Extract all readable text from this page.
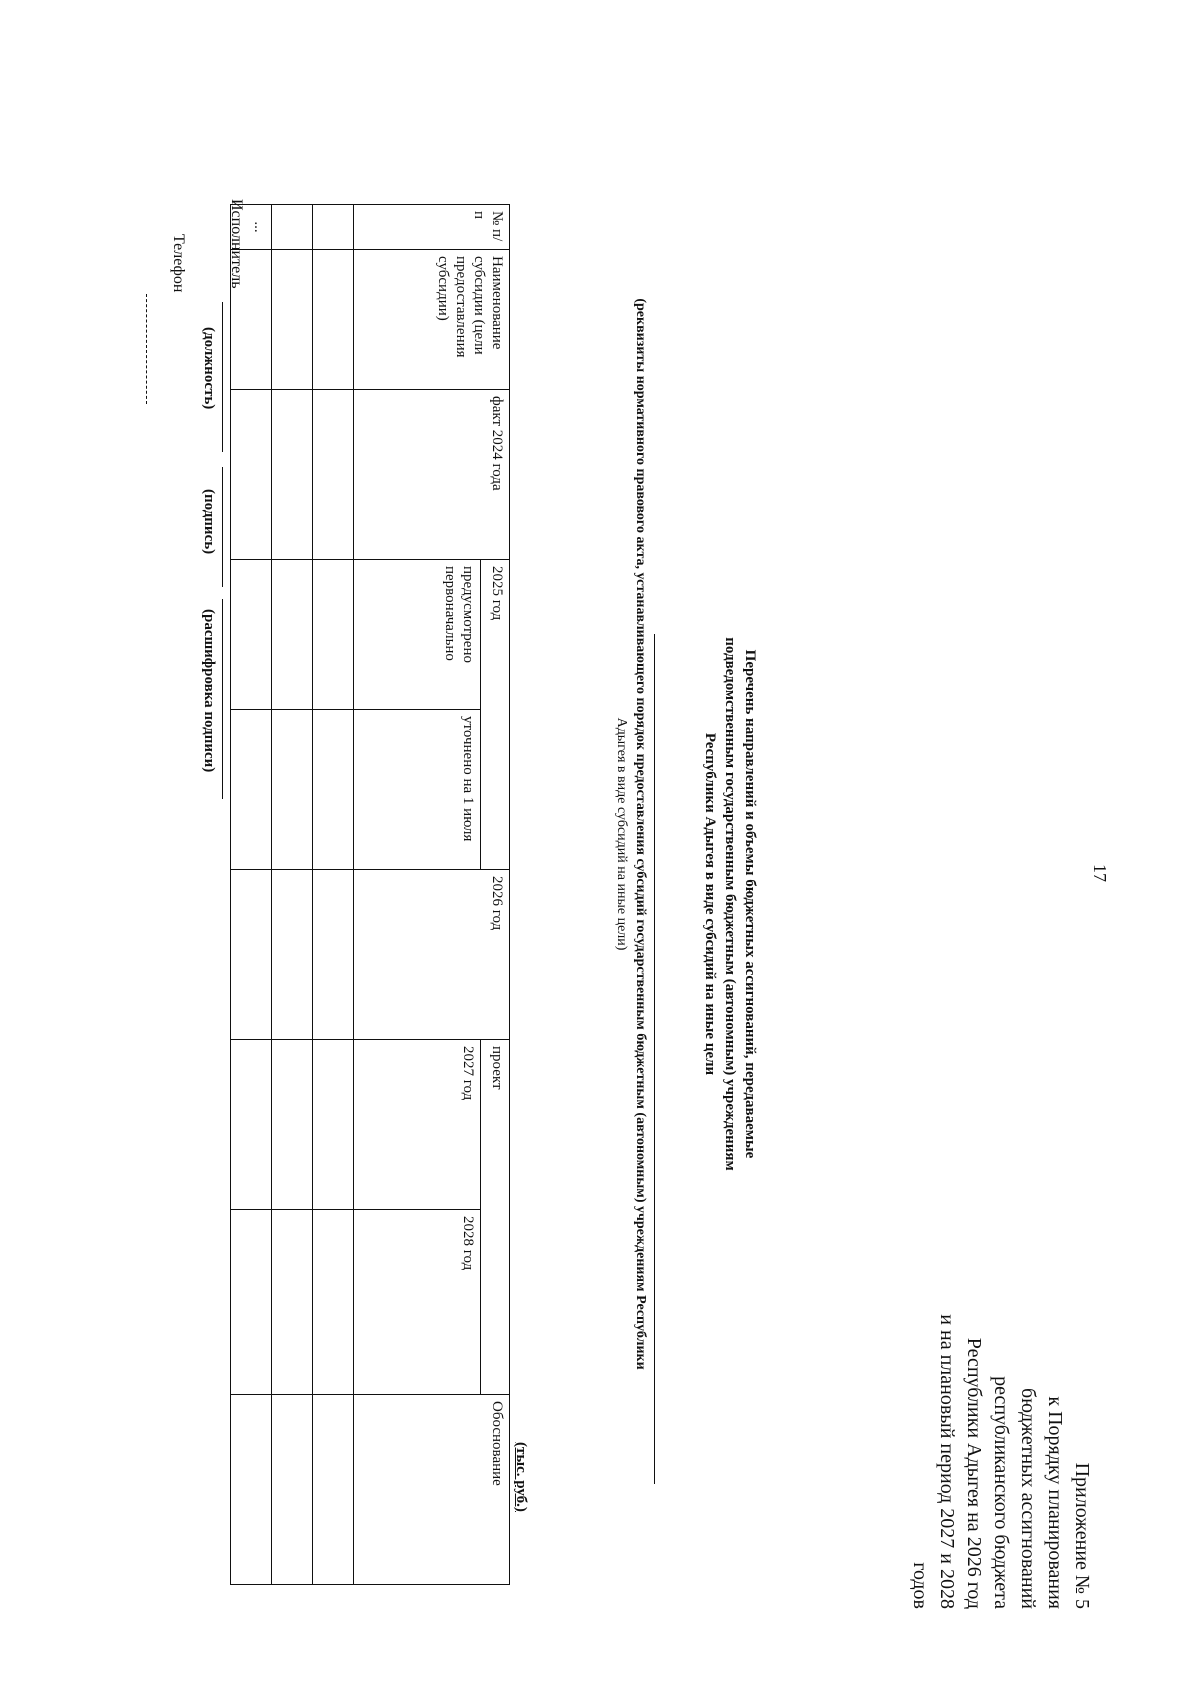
17
Приложение № 5
к Порядку планирования
бюджетных ассигнований
республиканского бюджета
Республики Адыгея на 2026 год
и на плановый период 2027 и 2028 годов
Перечень направлений и объемы бюджетных ассигнований, передаваемые
подведомственным государственным бюджетным (автономным) учреждениям
Республики Адыгея в виде субсидий на иные цели
(реквизиты нормативного правового акта, устанавливающего порядок предоставления субсидий государственным бюджетным (автономным) учреждениям Республики
Адыгея в виде субсидий на иные цели)
(тыс. руб.)
№ п/п	Наименование субсидии (цели предоставления субсидии)	факт 2024 года	2025 год		2026 год	проект		Обоснование
			предусмотрено первоначально	уточнено на 1 июля		2027 год	2028 год	

...								
Исполнитель
(должность)
(подпись)
(расшифровка подписи)
Телефон
